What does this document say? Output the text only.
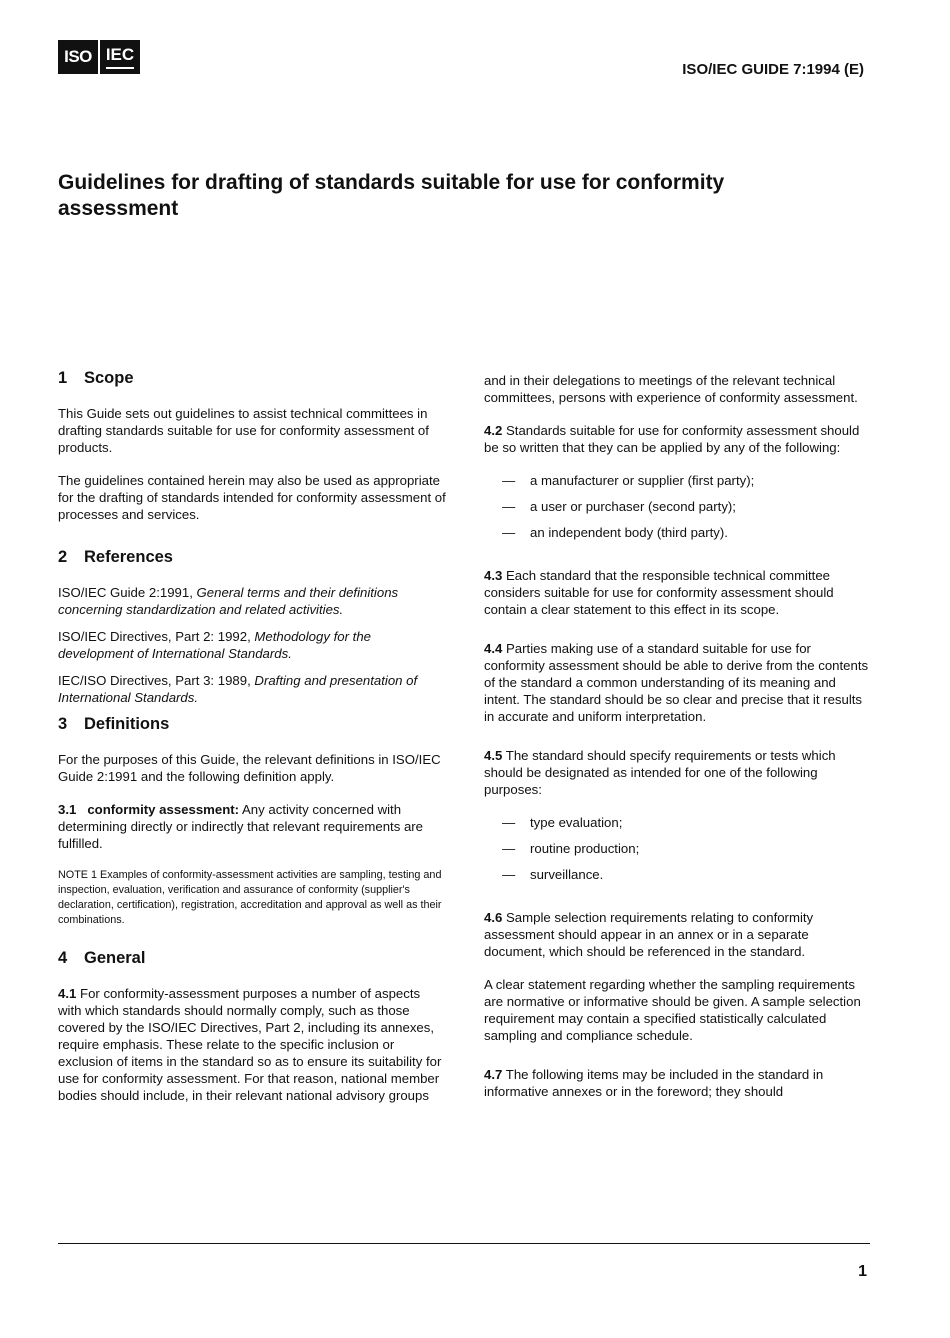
ISO IEC
ISO/IEC GUIDE 7:1994 (E)
Guidelines for drafting of standards suitable for use for conformity assessment
1 Scope

This Guide sets out guidelines to assist technical committees in drafting standards suitable for use for conformity assessment of products.

The guidelines contained herein may also be used as appropriate for the drafting of standards intended for conformity assessment of processes and services.

2 References

ISO/IEC Guide 2:1991, General terms and their definitions concerning standardization and related activities.

ISO/IEC Directives, Part 2: 1992, Methodology for the development of International Standards.

IEC/ISO Directives, Part 3: 1989, Drafting and presentation of International Standards.

3 Definitions

For the purposes of this Guide, the relevant definitions in ISO/IEC Guide 2:1991 and the following definition apply.

3.1 conformity assessment: Any activity concerned with determining directly or indirectly that relevant requirements are fulfilled.

NOTE 1 Examples of conformity-assessment activities are sampling, testing and inspection, evaluation, verification and assurance of conformity (supplier's declaration, certification), registration, accreditation and approval as well as their combinations.

4 General

4.1 For conformity-assessment purposes a number of aspects with which standards should normally comply, such as those covered by the ISO/IEC Directives, Part 2, including its annexes, require emphasis. These relate to the specific inclusion or exclusion of items in the standard so as to ensure its suitability for use for conformity assessment. For that reason, national member bodies should include, in their relevant national advisory groups

and in their delegations to meetings of the relevant technical committees, persons with experience of conformity assessment.

4.2 Standards suitable for use for conformity assessment should be so written that they can be applied by any of the following:

—	a manufacturer or supplier (first party);

—	a user or purchaser (second party);

—	an independent body (third party).

4.3 Each standard that the responsible technical committee considers suitable for use for conformity assessment should contain a clear statement to this effect in its scope.

4.4 Parties making use of a standard suitable for use for conformity assessment should be able to derive from the contents of the standard a common understanding of its meaning and intent. The standard should be so clear and precise that it results in accurate and uniform interpretation.

4.5 The standard should specify requirements or tests which should be designated as intended for one of the following purposes:

—	type evaluation;

—	routine production;

—	surveillance.

4.6 Sample selection requirements relating to conformity assessment should appear in an annex or in a separate document, which should be referenced in the standard.

A clear statement regarding whether the sampling requirements are normative or informative should be given. A sample selection requirement may contain a specified statistically calculated sampling and compliance schedule.

4.7 The following items may be included in the standard in informative annexes or in the foreword; they should

1
